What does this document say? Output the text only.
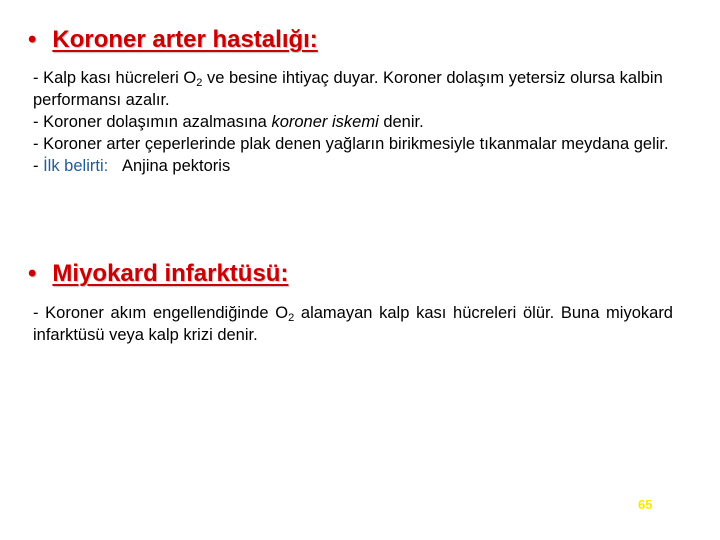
• Koroner arter hastalığı:
- Kalp kası hücreleri $O_2$ ve besine ihtiyaç duyar. Koroner dolaşım yetersiz olursa kalbin performansı azalır.
- Koroner dolaşımın azalmasına koroner iskemi denir.
- Koroner arter çeperlerinde plak denen yağların birikmesiyle tıkanmalar meydana gelir.
- İlk belirti: Anjina pektoris
• Miyokard infarktüsü:
- Koroner akım engellendiğinde $O_2$ alamayan kalp kası hücreleri ölür. Buna miyokard infarktüsü veya kalp krizi denir.
65
